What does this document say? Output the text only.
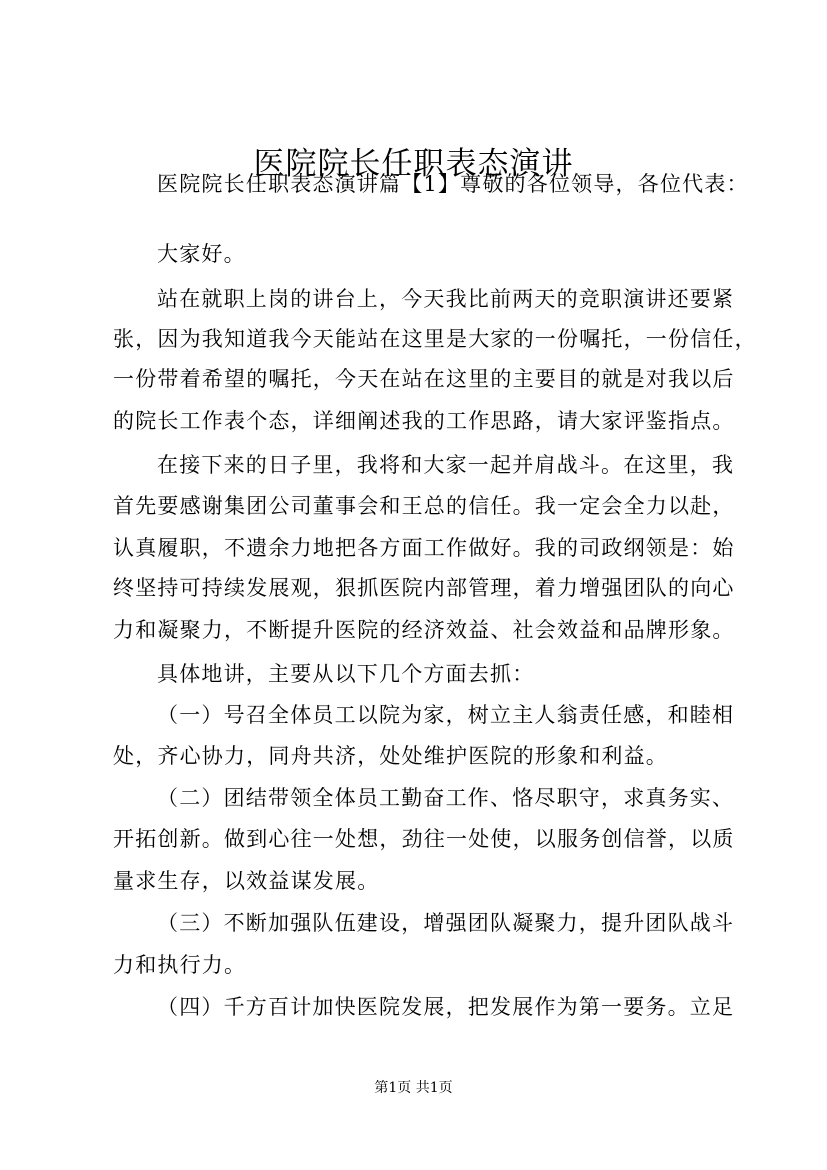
医院院长任职表态演讲
医院院长任职表态演讲篇【1】尊敬的各位领导，各位代表：
大家好。
站在就职上岗的讲台上，今天我比前两天的竞职演讲还要紧
张，因为我知道我今天能站在这里是大家的一份嘱托，一份信任，
一份带着希望的嘱托，今天在站在这里的主要目的就是对我以后
的院长工作表个态，详细阐述我的工作思路，请大家评鉴指点。
在接下来的日子里，我将和大家一起并肩战斗。在这里，我
首先要感谢集团公司董事会和王总的信任。我一定会全力以赴，
认真履职，不遗余力地把各方面工作做好。我的司政纲领是：始
终坚持可持续发展观，狠抓医院内部管理，着力增强团队的向心
力和凝聚力，不断提升医院的经济效益、社会效益和品牌形象。
具体地讲，主要从以下几个方面去抓：
（一）号召全体员工以院为家，树立主人翁责任感，和睦相
处，齐心协力，同舟共济，处处维护医院的形象和利益。
（二）团结带领全体员工勤奋工作、恪尽职守，求真务实、
开拓创新。做到心往一处想，劲往一处使，以服务创信誉，以质
量求生存，以效益谋发展。
（三）不断加强队伍建设，增强团队凝聚力，提升团队战斗
力和执行力。
（四）千方百计加快医院发展，把发展作为第一要务。立足
第1页 共1页
